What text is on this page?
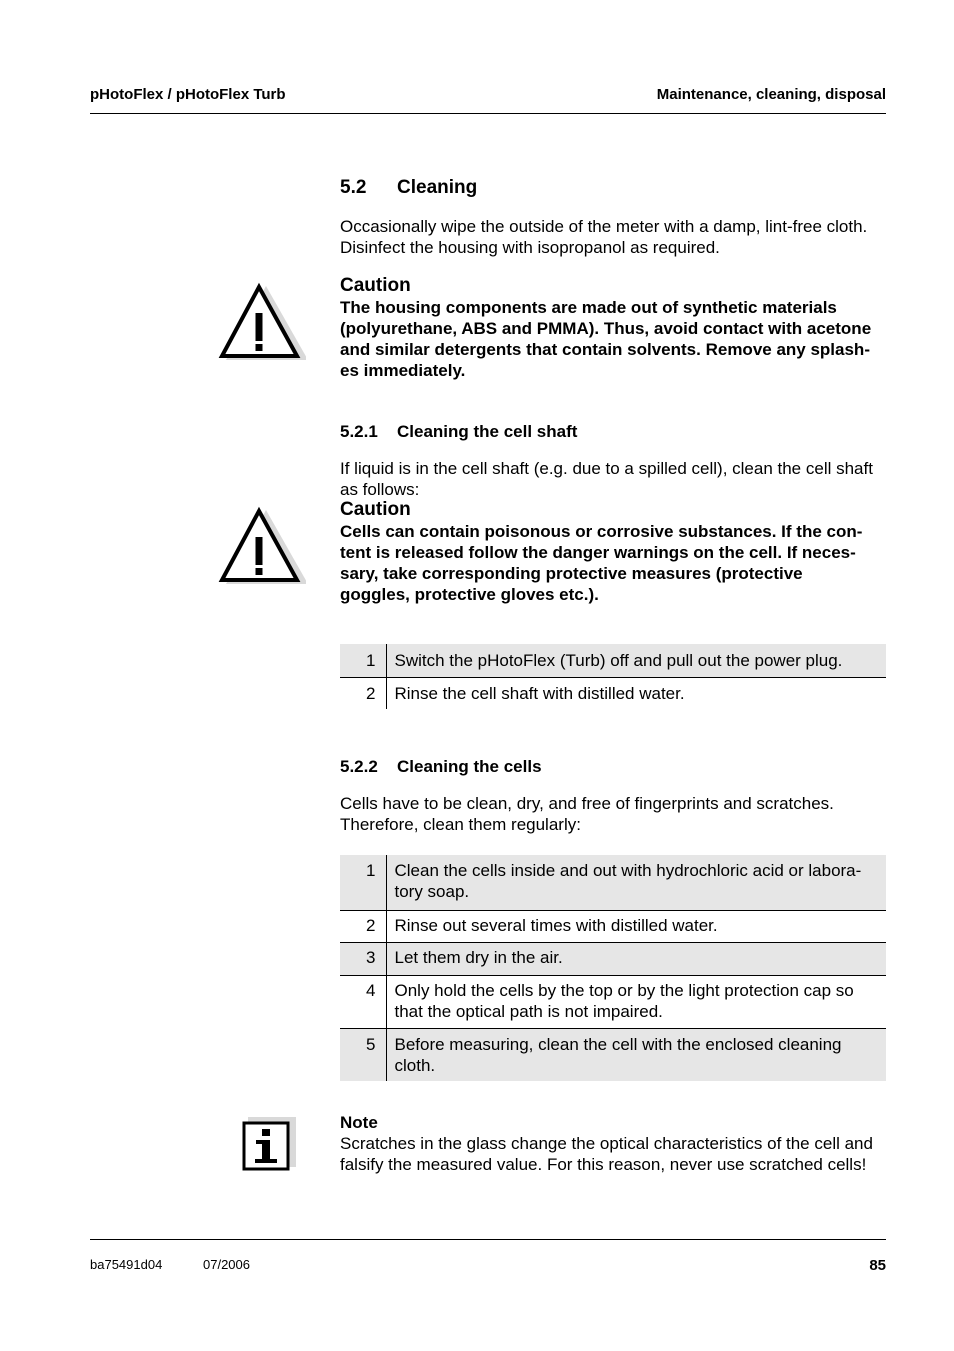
pHotoFlex / pHotoFlex Turb	Maintenance, cleaning, disposal
5.2 Cleaning
Occasionally wipe the outside of the meter with a damp, lint-free cloth.
Disinfect the housing with isopropanol as required.
Caution
The housing components are made out of synthetic materials
(polyurethane, ABS and PMMA). Thus, avoid contact with acetone
and similar detergents that contain solvents. Remove any splash-
es immediately.
5.2.1 Cleaning the cell shaft
If liquid is in the cell shaft (e.g. due to a spilled cell), clean the cell shaft
as follows:
Caution
Cells can contain poisonous or corrosive substances. If the con-
tent is released follow the danger warnings on the cell. If neces-
sary, take corresponding protective measures (protective
goggles, protective gloves etc.).
1	Switch the pHotoFlex (Turb) off and pull out the power plug.

2	Rinse the cell shaft with distilled water.
5.2.2 Cleaning the cells
Cells have to be clean, dry, and free of fingerprints and scratches.
Therefore, clean them regularly:
1	Clean the cells inside and out with hydrochloric acid or labora-
tory soap.

2	Rinse out several times with distilled water.

3	Let them dry in the air.

4	Only hold the cells by the top or by the light protection cap so
that the optical path is not impaired.

5	Before measuring, clean the cell with the enclosed cleaning
cloth.
Note
Scratches in the glass change the optical characteristics of the cell and
falsify the measured value. For this reason, never use scratched cells!
ba75491d04	07/2006	85
